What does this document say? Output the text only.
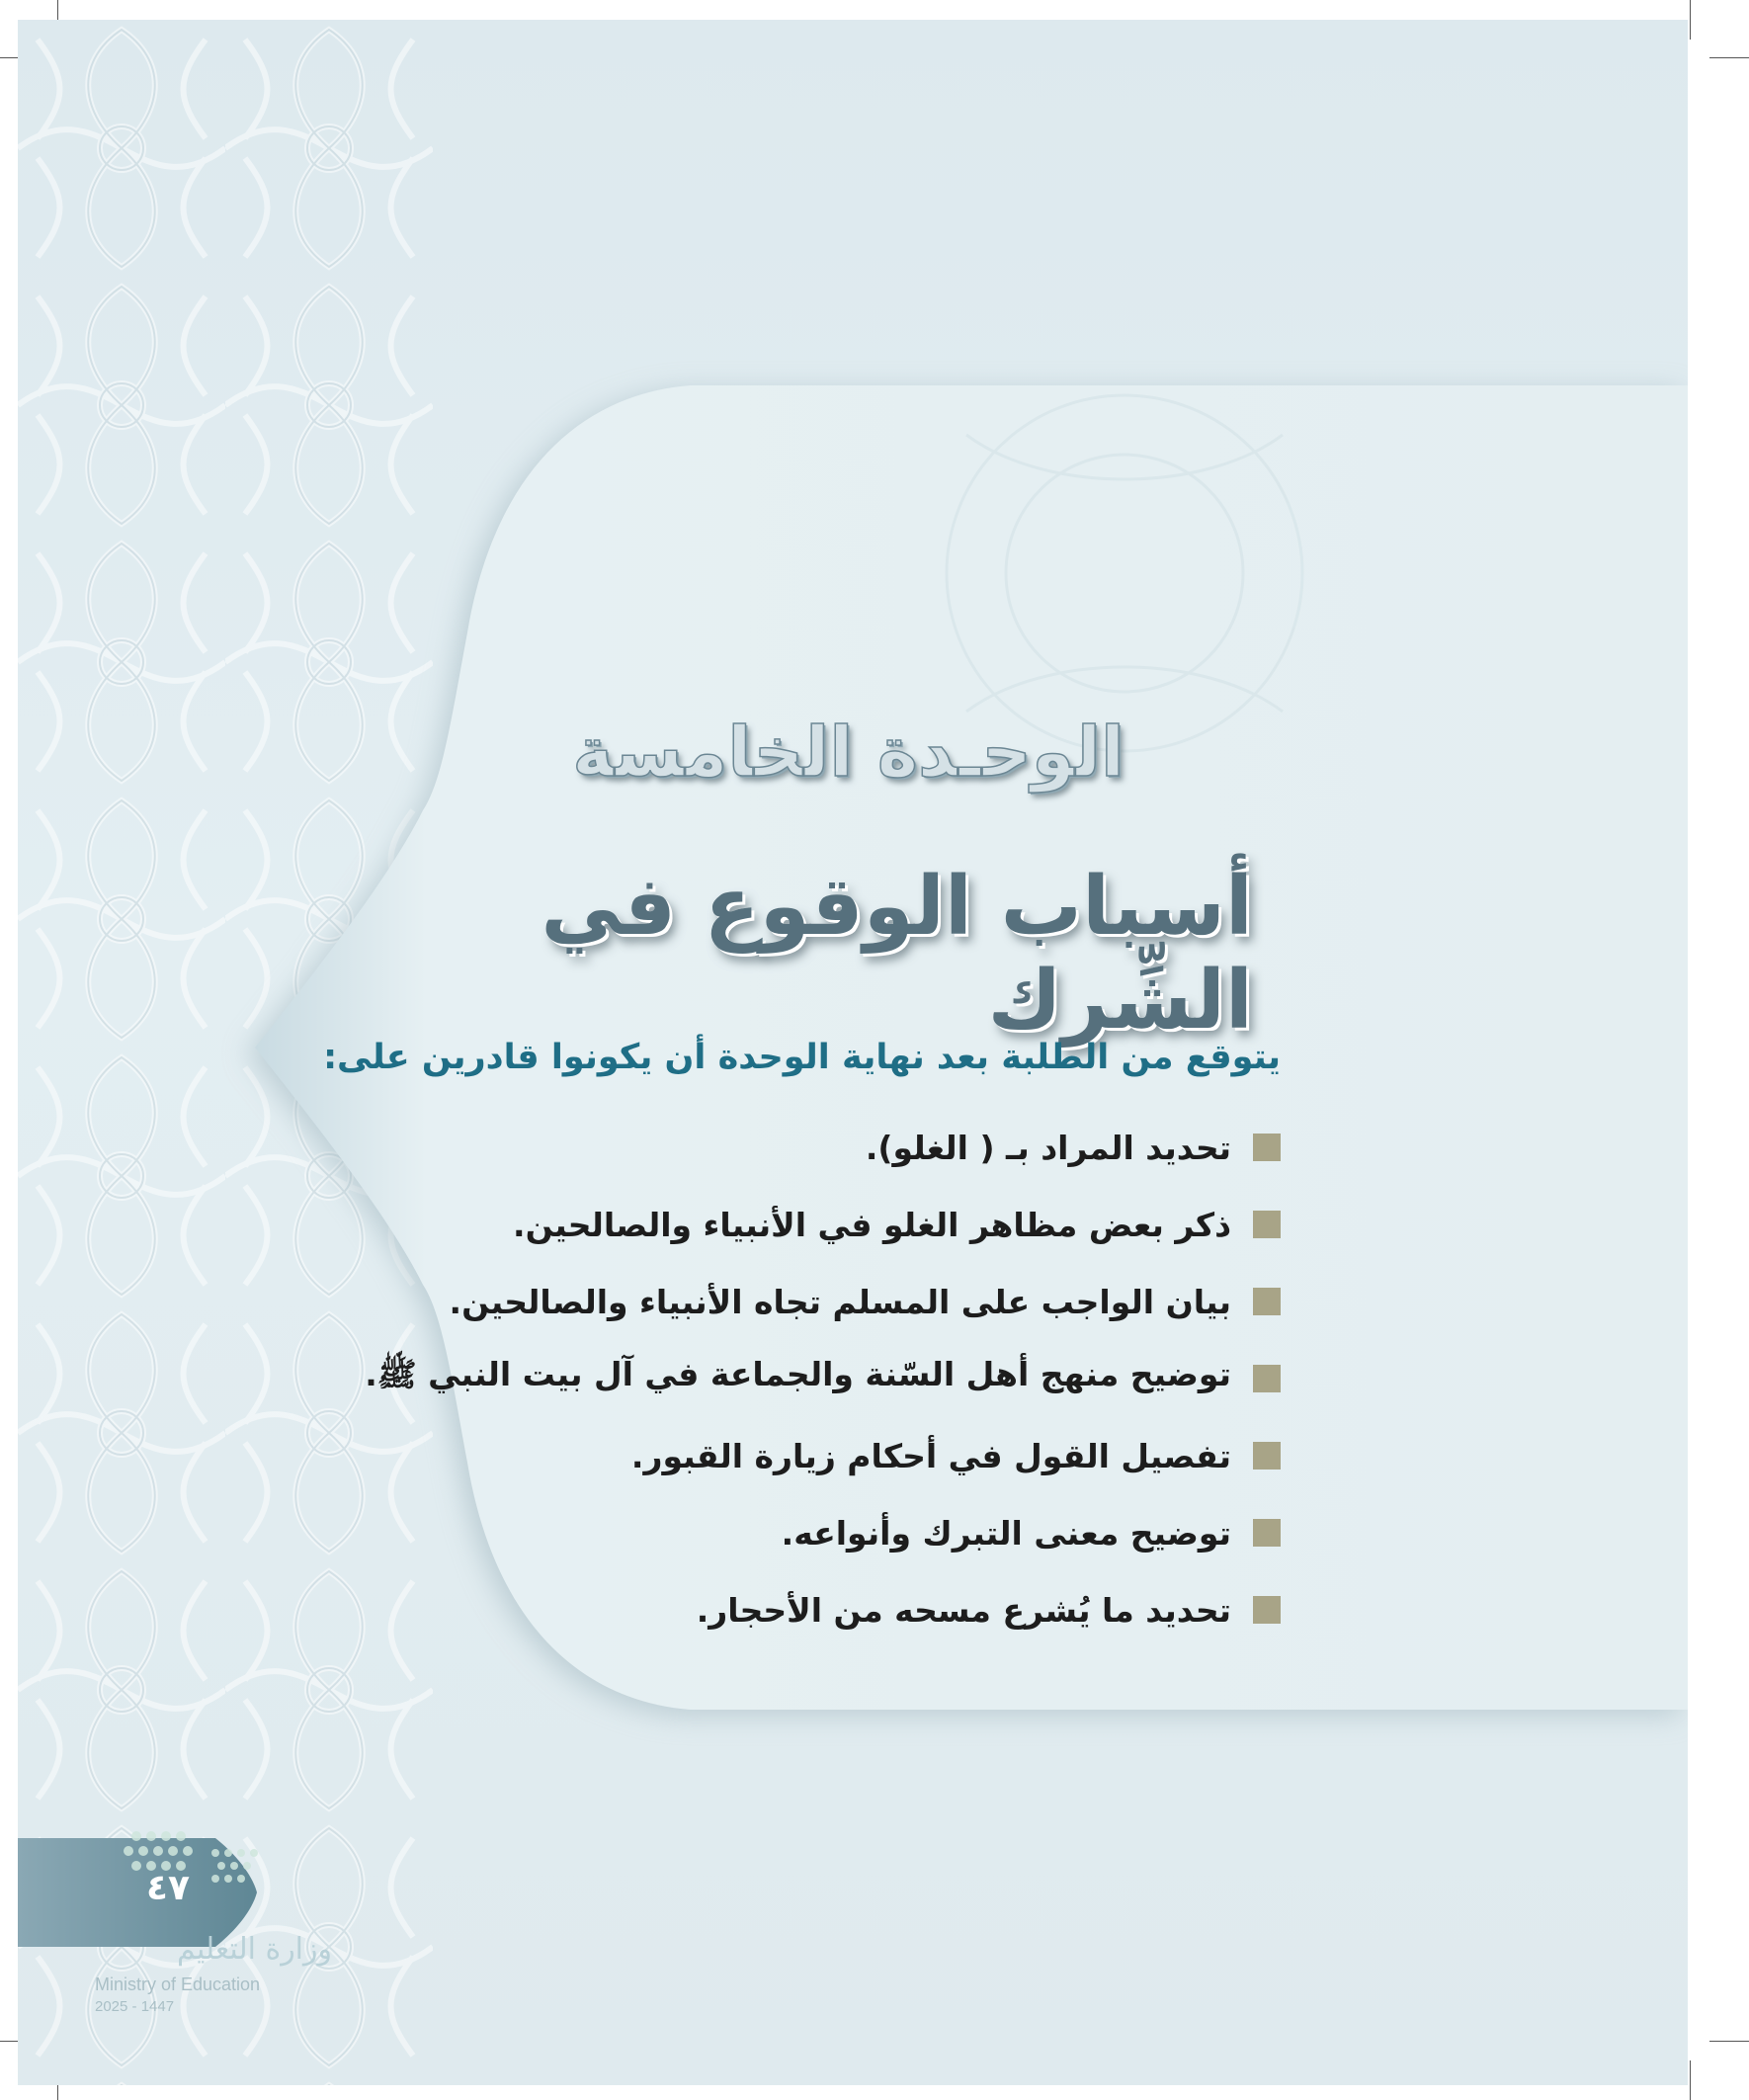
الوحـدة الخامسة
أسباب الوقوع في الشِّرك
يتوقع من الطلبة بعد نهاية الوحدة أن يكونوا قادرين على:
تحديد المراد بـ ( الغلو).
ذكر بعض مظاهر الغلو في الأنبياء والصالحين.
بيان الواجب على المسلم تجاه الأنبياء والصالحين.
توضيح منهج أهل السّنة والجماعة في آل بيت النبي ﷺ.
تفصيل القول في أحكام زيارة القبور.
توضيح معنى التبرك وأنواعه.
تحديد ما يُشرع مسحه من الأحجار.
٤٧
وزارة التعليم
Ministry of Education
2025 - 1447
